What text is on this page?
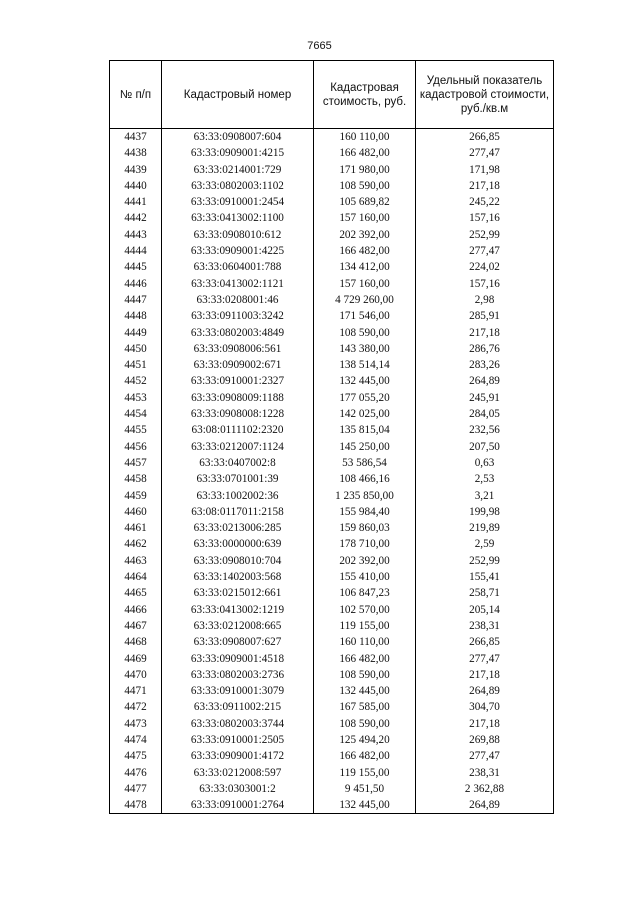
7665
№ п/п	Кадастровый номер	Кадастровая стоимость, руб.	Удельный показатель кадастровой стоимости, руб./кв.м
4437	63:33:0908007:604	160 110,00	266,85
4438	63:33:0909001:4215	166 482,00	277,47
4439	63:33:0214001:729	171 980,00	171,98
4440	63:33:0802003:1102	108 590,00	217,18
4441	63:33:0910001:2454	105 689,82	245,22
4442	63:33:0413002:1100	157 160,00	157,16
4443	63:33:0908010:612	202 392,00	252,99
4444	63:33:0909001:4225	166 482,00	277,47
4445	63:33:0604001:788	134 412,00	224,02
4446	63:33:0413002:1121	157 160,00	157,16
4447	63:33:0208001:46	4 729 260,00	2,98
4448	63:33:0911003:3242	171 546,00	285,91
4449	63:33:0802003:4849	108 590,00	217,18
4450	63:33:0908006:561	143 380,00	286,76
4451	63:33:0909002:671	138 514,14	283,26
4452	63:33:0910001:2327	132 445,00	264,89
4453	63:33:0908009:1188	177 055,20	245,91
4454	63:33:0908008:1228	142 025,00	284,05
4455	63:08:0111102:2320	135 815,04	232,56
4456	63:33:0212007:1124	145 250,00	207,50
4457	63:33:0407002:8	53 586,54	0,63
4458	63:33:0701001:39	108 466,16	2,53
4459	63:33:1002002:36	1 235 850,00	3,21
4460	63:08:0117011:2158	155 984,40	199,98
4461	63:33:0213006:285	159 860,03	219,89
4462	63:33:0000000:639	178 710,00	2,59
4463	63:33:0908010:704	202 392,00	252,99
4464	63:33:1402003:568	155 410,00	155,41
4465	63:33:0215012:661	106 847,23	258,71
4466	63:33:0413002:1219	102 570,00	205,14
4467	63:33:0212008:665	119 155,00	238,31
4468	63:33:0908007:627	160 110,00	266,85
4469	63:33:0909001:4518	166 482,00	277,47
4470	63:33:0802003:2736	108 590,00	217,18
4471	63:33:0910001:3079	132 445,00	264,89
4472	63:33:0911002:215	167 585,00	304,70
4473	63:33:0802003:3744	108 590,00	217,18
4474	63:33:0910001:2505	125 494,20	269,88
4475	63:33:0909001:4172	166 482,00	277,47
4476	63:33:0212008:597	119 155,00	238,31
4477	63:33:0303001:2	9 451,50	2 362,88
4478	63:33:0910001:2764	132 445,00	264,89
